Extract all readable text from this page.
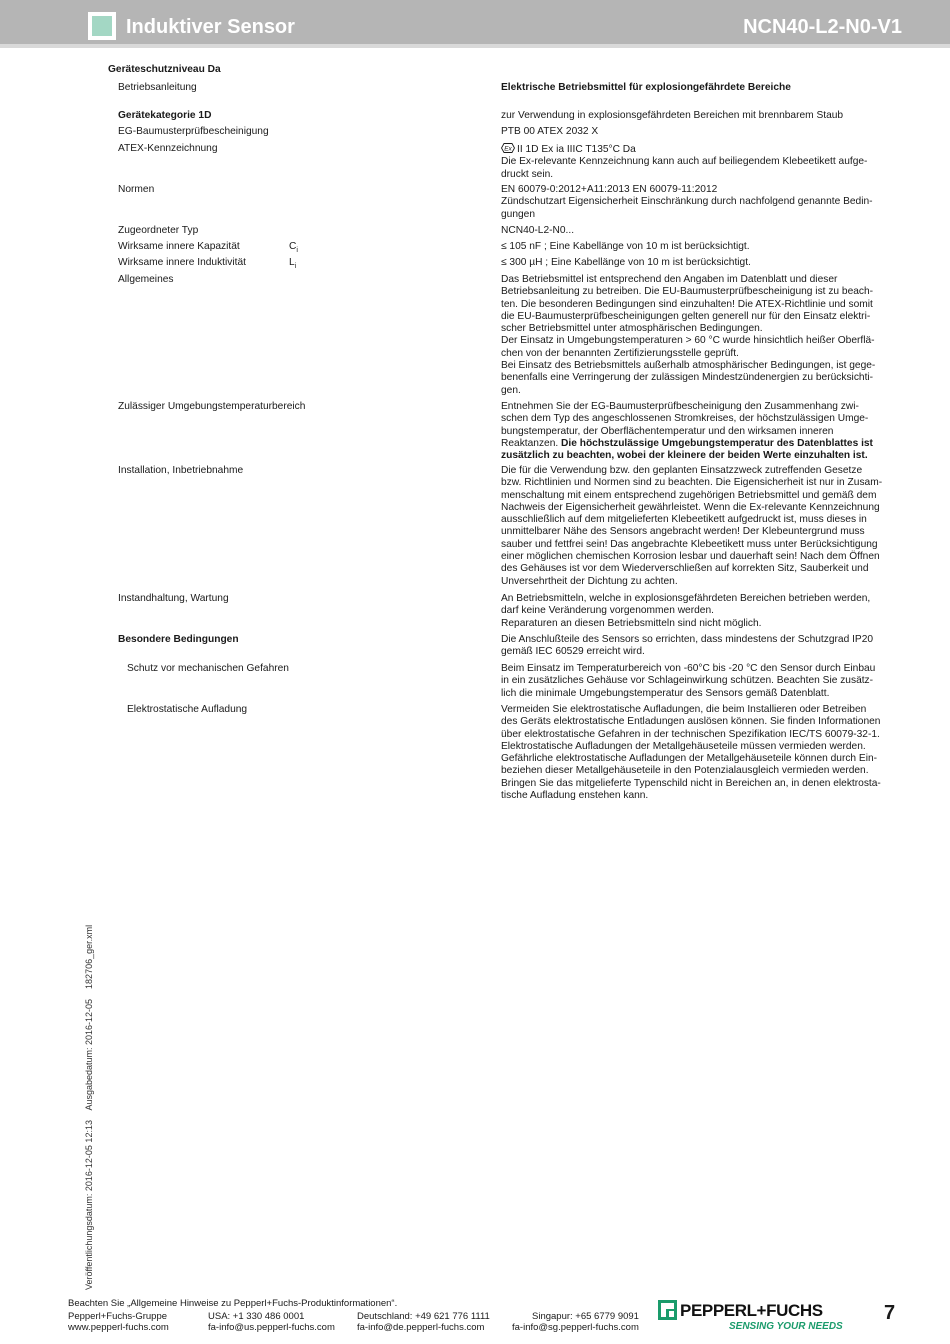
Induktiver Sensor	NCN40-L2-N0-V1
Geräteschutzniveau Da
Betriebsanleitung	Elektrische Betriebsmittel für explosiongefährdete Bereiche

Gerätekategorie 1D	zur Verwendung in explosionsgefährdeten Bereichen mit brennbarem Staub

EG-Baumusterprüfbescheinigung	PTB 00 ATEX 2032 X

ATEX-Kennzeichnung	Ex II 1D Ex ia IIIC T135°C Da

Die Ex-relevante Kennzeichnung kann auch auf beiliegendem Klebeetikett aufge-

druckt sein.

Normen	EN 60079-0:2012+A11:2013 EN 60079-11:2012

Zündschutzart Eigensicherheit Einschränkung durch nachfolgend genannte Bedin-

gungen

Zugeordneter Typ	NCN40-L2-N0...

Wirksame innere Kapazität	$C_i$	≤ 105 nF ; Eine Kabellänge von 10 m ist berücksichtigt.

Wirksame innere Induktivität	$L_i$	≤ 300 µH ; Eine Kabellänge von 10 m ist berücksichtigt.

Allgemeines	Das Betriebsmittel ist entsprechend den Angaben im Datenblatt und dieser

Betriebsanleitung zu betreiben. Die EU-Baumusterprüfbescheinigung ist zu beach-

ten. Die besonderen Bedingungen sind einzuhalten! Die ATEX-Richtlinie und somit

die EU-Baumusterprüfbescheinigungen gelten generell nur für den Einsatz elektri-

scher Betriebsmittel unter atmosphärischen Bedingungen.

Der Einsatz in Umgebungstemperaturen > 60 °C wurde hinsichtlich heißer Oberflä-

chen von der benannten Zertifizierungsstelle geprüft.

Bei Einsatz des Betriebsmittels außerhalb atmosphärischer Bedingungen, ist gege-

benenfalls eine Verringerung der zulässigen Mindestzündenergien zu berücksichti-

gen.

Zulässiger Umgebungstemperaturbereich	Entnehmen Sie der EG-Baumusterprüfbescheinigung den Zusammenhang zwi-

schen dem Typ des angeschlossenen Stromkreises, der höchstzulässigen Umge-

bungstemperatur, der Oberflächentemperatur und den wirksamen inneren

Reaktanzen. Die höchstzulässige Umgebungstemperatur des Datenblattes ist

zusätzlich zu beachten, wobei der kleinere der beiden Werte einzuhalten ist.

Installation, Inbetriebnahme	Die für die Verwendung bzw. den geplanten Einsatzzweck zutreffenden Gesetze

bzw. Richtlinien und Normen sind zu beachten. Die Eigensicherheit ist nur in Zusam-

menschaltung mit einem entsprechend zugehörigen Betriebsmittel und gemäß dem

Nachweis der Eigensicherheit gewährleistet. Wenn die Ex-relevante Kennzeichnung

ausschließlich auf dem mitgelieferten Klebeetikett aufgedruckt ist, muss dieses in

unmittelbarer Nähe des Sensors angebracht werden! Der Klebeuntergrund muss

sauber und fettfrei sein! Das angebrachte Klebeetikett muss unter Berücksichtigung

einer möglichen chemischen Korrosion lesbar und dauerhaft sein! Nach dem Öffnen

des Gehäuses ist vor dem Wiederverschließen auf korrekten Sitz, Sauberkeit und

Unversehrtheit der Dichtung zu achten.

Instandhaltung, Wartung	An Betriebsmitteln, welche in explosionsgefährdeten Bereichen betrieben werden,

darf keine Veränderung vorgenommen werden.

Reparaturen an diesen Betriebsmitteln sind nicht möglich.

Besondere Bedingungen	Die Anschlußteile des Sensors so errichten, dass mindestens der Schutzgrad IP20

gemäß IEC 60529 erreicht wird.

Schutz vor mechanischen Gefahren	Beim Einsatz im Temperaturbereich von -60°C bis -20 °C den Sensor durch Einbau

in ein zusätzliches Gehäuse vor Schlageinwirkung schützen. Beachten Sie zusätz-

lich die minimale Umgebungstemperatur des Sensors gemäß Datenblatt.

Elektrostatische Aufladung	Vermeiden Sie elektrostatische Aufladungen, die beim Installieren oder Betreiben

des Geräts elektrostatische Entladungen auslösen können. Sie finden Informationen

über elektrostatische Gefahren in der technischen Spezifikation IEC/TS 60079-32-1.

Elektrostatische Aufladungen der Metallgehäuseteile müssen vermieden werden.

Gefährliche elektrostatische Aufladungen der Metallgehäuseteile können durch Ein-

beziehen dieser Metallgehäuseteile in den Potenzialausgleich vermieden werden.

Bringen Sie das mitgelieferte Typenschild nicht in Bereichen an, in denen elektrosta-

tische Aufladung enstehen kann.

Veröffentlichungsdatum: 2016-12-05 12:13    Ausgabedatum: 2016-12-05    182706_ger.xml
Beachten Sie „Allgemeine Hinweise zu Pepperl+Fuchs-Produktinformationen“.
Pepperl+Fuchs-Gruppe
www.pepperl-fuchs.com
USA: +1 330 486 0001
fa-info@us.pepperl-fuchs.com
Deutschland: +49 621 776 1111
fa-info@de.pepperl-fuchs.com
Singapur: +65 6779 9091
fa-info@sg.pepperl-fuchs.com
PEPPERL+FUCHS
SENSING YOUR NEEDS
7
